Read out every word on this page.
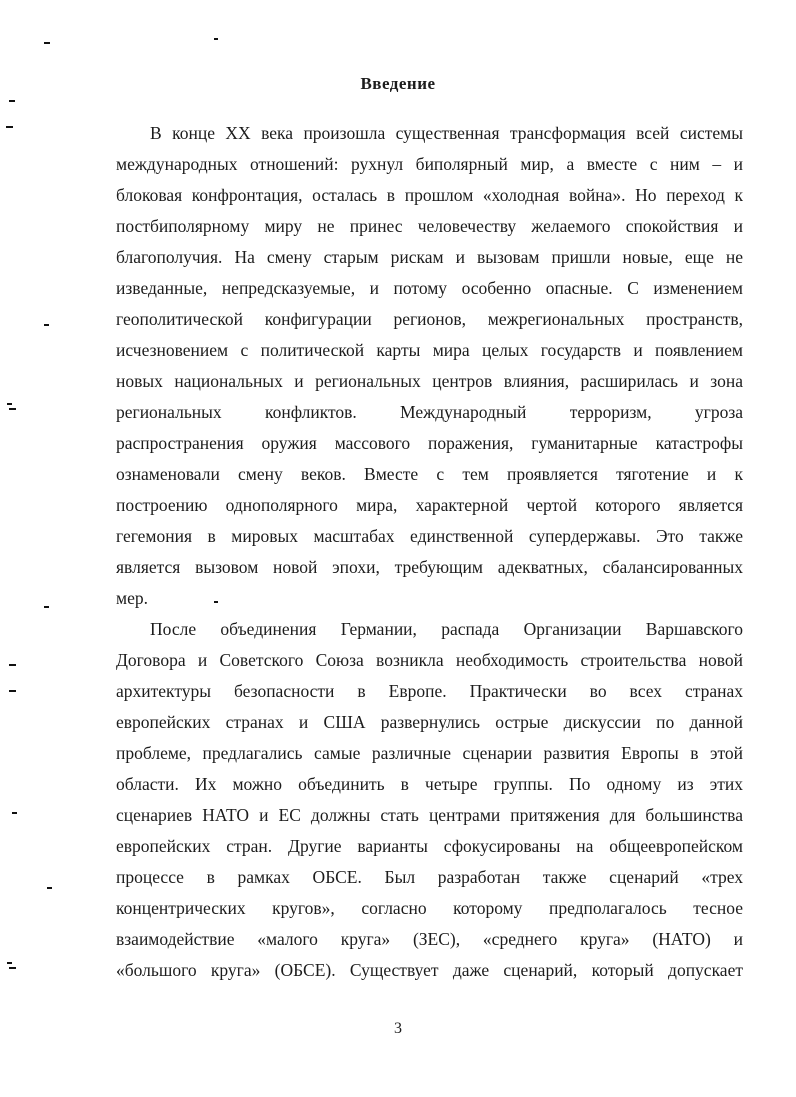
Введение

В конце XX века произошла существенная трансформация всей системы
международных отношений: рухнул биполярный мир, а вместе с ним – и
блоковая конфронтация, осталась в прошлом «холодная война». Но переход к
постбиполярному миру не принес человечеству желаемого спокойствия и
благополучия. На смену старым рискам и вызовам пришли новые, еще не
изведанные, непредсказуемые, и потому особенно опасные. С изменением
геополитической конфигурации регионов, межрегиональных пространств,
исчезновением с политической карты мира целых государств и появлением
новых национальных и региональных центров влияния, расширилась и зона
региональных конфликтов. Международный терроризм, угроза
распространения оружия массового поражения, гуманитарные катастрофы
ознаменовали смену веков. Вместе с тем проявляется тяготение и к
построению однополярного мира, характерной чертой которого является
гегемония в мировых масштабах единственной супердержавы. Это также
является вызовом новой эпохи, требующим адекватных, сбалансированных
мер.

После объединения Германии, распада Организации Варшавского
Договора и Советского Союза возникла необходимость строительства новой
архитектуры безопасности в Европе. Практически во всех странах
европейских странах и США развернулись острые дискуссии по данной
проблеме, предлагались самые различные сценарии развития Европы в этой
области. Их можно объединить в четыре группы. По одному из этих
сценариев НАТО и ЕС должны стать центрами притяжения для большинства
европейских стран. Другие варианты сфокусированы на общеевропейском
процессе в рамках ОБСЕ. Был разработан также сценарий «трех
концентрических кругов», согласно которому предполагалось тесное
взаимодействие «малого круга» (ЗЕС), «среднего круга» (НАТО) и
«большого круга» (ОБСЕ). Существует даже сценарий, который допускает

3
